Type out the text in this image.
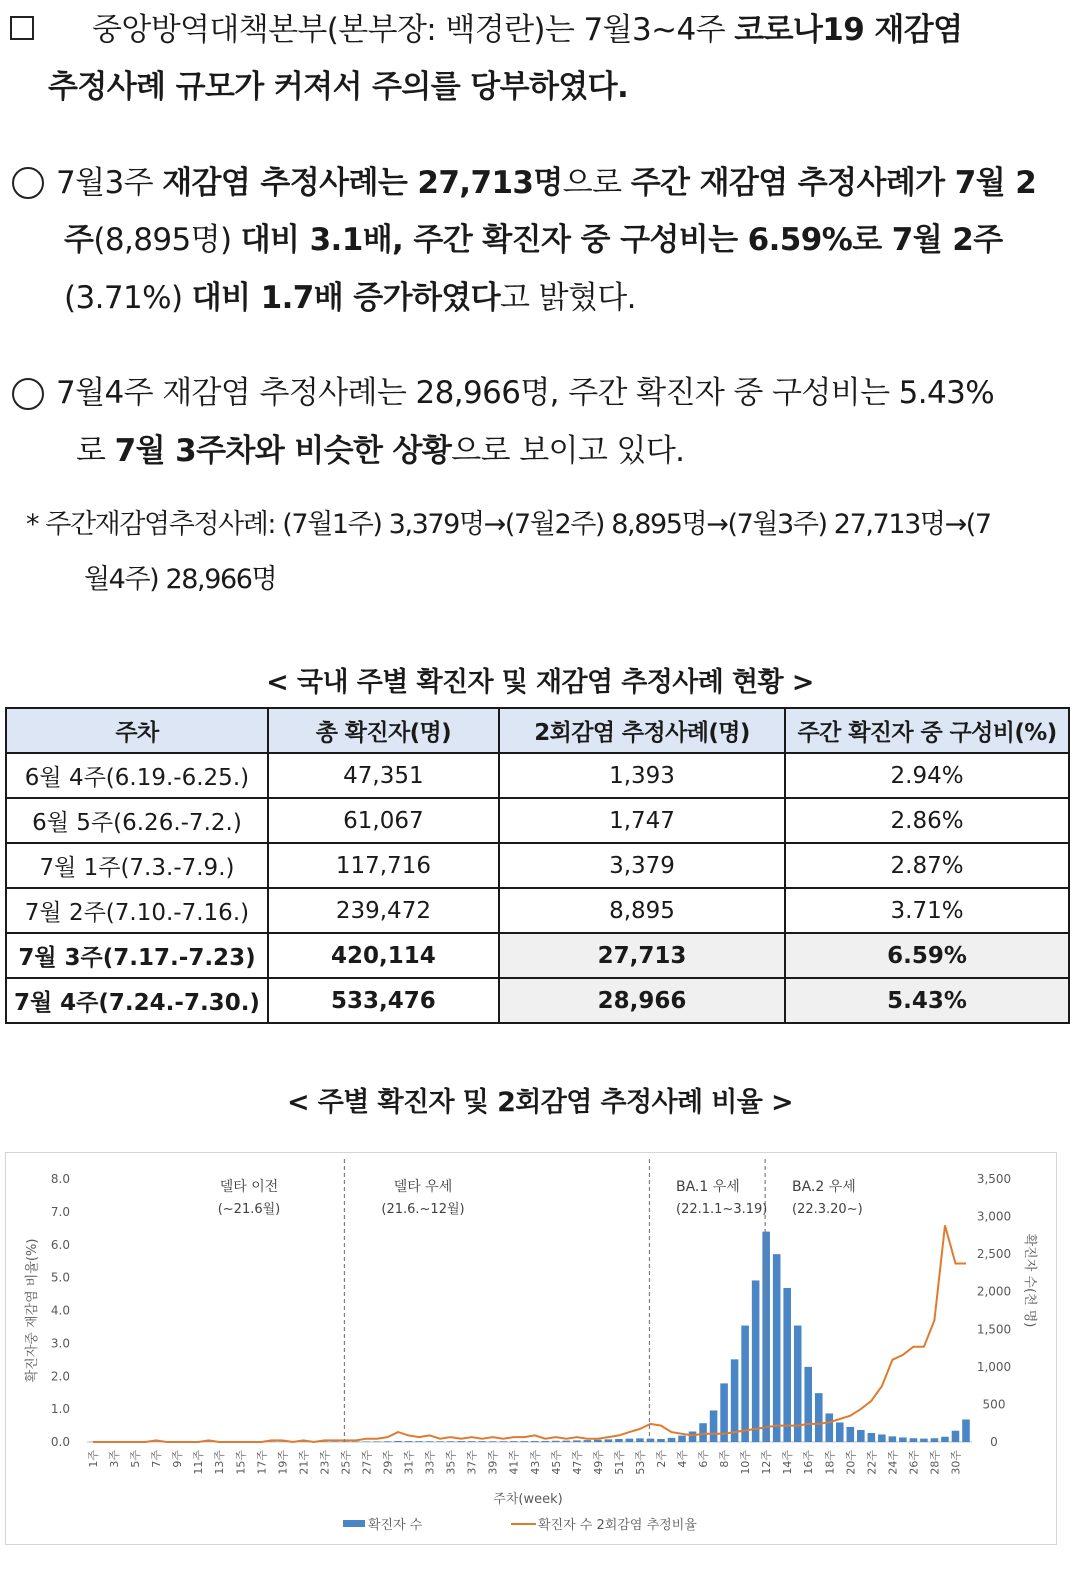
중앙방역대책본부(본부장: 백경란)는 7월3~4주 코로나19 재감염
추정사례 규모가 커져서 주의를 당부하였다.
7월3주 재감염 추정사례는 27,713명으로 주간 재감염 추정사례가 7월 2
주(8,895명) 대비 3.1배, 주간 확진자 중 구성비는 6.59%로 7월 2주
(3.71%) 대비 1.7배 증가하였다고 밝혔다.
7월4주 재감염 추정사례는 28,966명, 주간 확진자 중 구성비는 5.43%
로 7월 3주차와 비슷한 상황으로 보이고 있다.
* 주간재감염추정사례: (7월1주) 3,379명→(7월2주) 8,895명→(7월3주) 27,713명→(7
월4주) 28,966명
< 국내 주별 확진자 및 재감염 추정사례 현황 >
주차	총 확진자(명)	2회감염 추정사례(명)	주간 확진자 중 구성비(%)
6월 4주(6.19.-6.25.)	47,351	1,393	2.94%
6월 5주(6.26.-7.2.)	61,067	1,747	2.86%
7월 1주(7.3.-7.9.)	117,716	3,379	2.87%
7월 2주(7.10.-7.16.)	239,472	8,895	3.71%
7월 3주(7.17.-7.23)	420,114	27,713	6.59%
7월 4주(7.24.-7.30.)	533,476	28,966	5.43%
< 주별 확진자 및 2회감염 추정사례 비율 >
0.0
1.0
2.0
3.0
4.0
5.0
6.0
7.0
8.0
0
500
1,000
1,500
2,000
2,500
3,000
3,500
확진자중 재감염 비율(%)	확진자 수(천 명)
델타 이전
(~21.6월)
델타 우세
(21.6.~12월)
BA.1 우세
(22.1.1~3.19)
BA.2 우세
(22.3.20~)
1주 3주 5주 7주 9주 11주 13주 15주 17주 19주 21주 23주 25주 27주 29주 31주 33주 35주 37주 39주 41주 43주 45주 47주 49주 51주 53주 2주 4주 6주 8주 10주 12주 14주 16주 18주 20주 22주 24주 26주 28주 30주
주차(week)
확진자 수	확진자 수 2회감염 추정비율
